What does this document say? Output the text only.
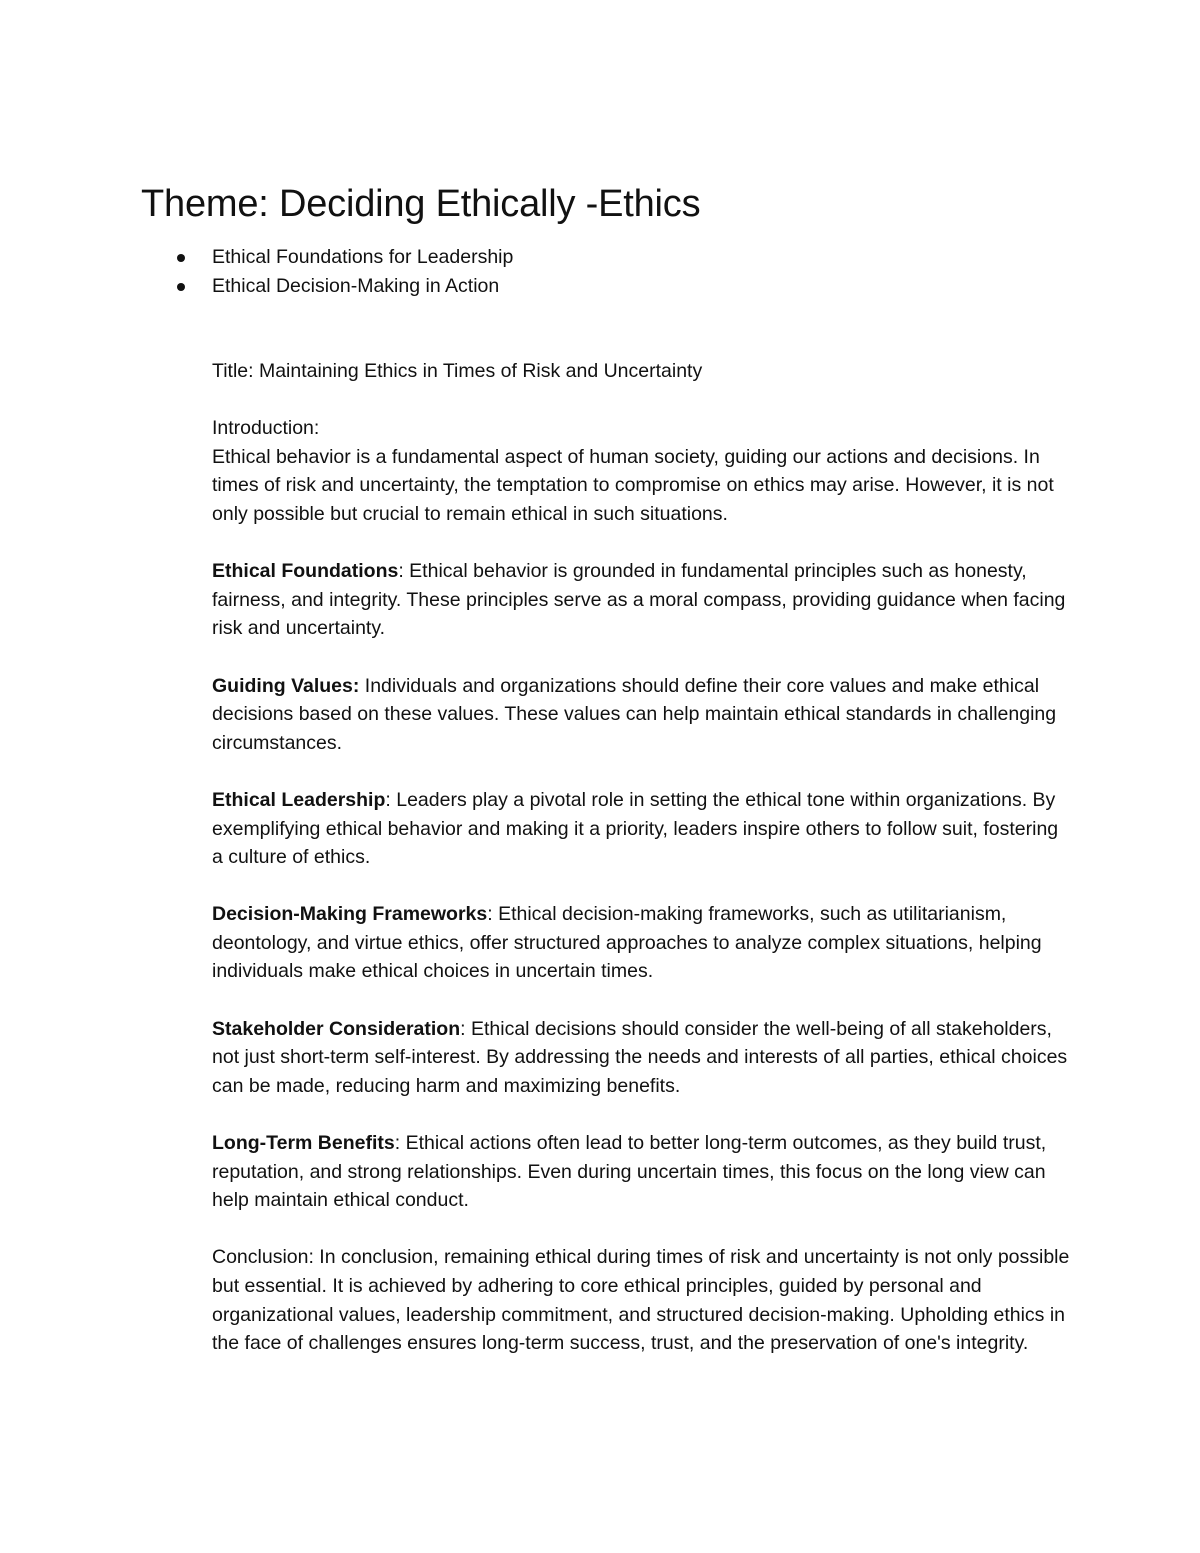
Theme: Deciding Ethically -Ethics
Ethical Foundations for Leadership
Ethical Decision-Making in Action

Title: Maintaining Ethics in Times of Risk and Uncertainty

Introduction:

Ethical behavior is a fundamental aspect of human society, guiding our actions and decisions. In times of risk and uncertainty, the temptation to compromise on ethics may arise. However, it is not only possible but crucial to remain ethical in such situations.

Ethical Foundations: Ethical behavior is grounded in fundamental principles such as honesty, fairness, and integrity. These principles serve as a moral compass, providing guidance when facing risk and uncertainty.

Guiding Values: Individuals and organizations should define their core values and make ethical decisions based on these values. These values can help maintain ethical standards in challenging circumstances.

Ethical Leadership: Leaders play a pivotal role in setting the ethical tone within organizations. By exemplifying ethical behavior and making it a priority, leaders inspire others to follow suit, fostering a culture of ethics.

Decision-Making Frameworks: Ethical decision-making frameworks, such as utilitarianism, deontology, and virtue ethics, offer structured approaches to analyze complex situations, helping individuals make ethical choices in uncertain times.

Stakeholder Consideration: Ethical decisions should consider the well-being of all stakeholders, not just short-term self-interest. By addressing the needs and interests of all parties, ethical choices can be made, reducing harm and maximizing benefits.

Long-Term Benefits: Ethical actions often lead to better long-term outcomes, as they build trust, reputation, and strong relationships. Even during uncertain times, this focus on the long view can help maintain ethical conduct.

Conclusion: In conclusion, remaining ethical during times of risk and uncertainty is not only possible but essential. It is achieved by adhering to core ethical principles, guided by personal and organizational values, leadership commitment, and structured decision-making. Upholding ethics in the face of challenges ensures long-term success, trust, and the preservation of one's integrity.
